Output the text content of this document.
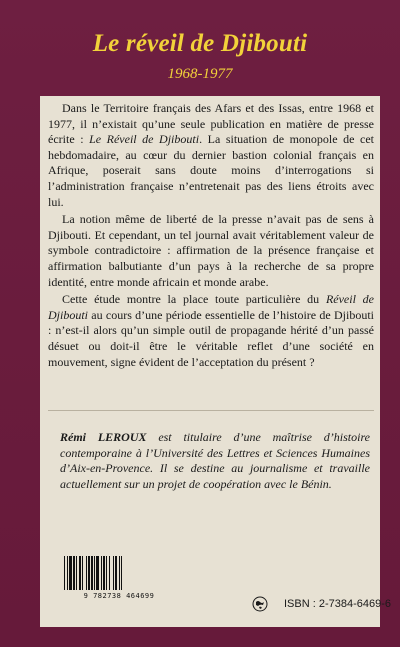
Le réveil de Djibouti
1968-1977

Dans le Territoire français des Afars et des Issas, entre 1968 et 1977, il n’existait qu’une seule publication en matière de presse écrite : Le Réveil de Djibouti. La situation de monopole de cet hebdomadaire, au cœur du dernier bastion colonial français en Afrique, poserait sans doute moins d’interrogations si l’administration française n’entretenait pas des liens étroits avec lui.

La notion même de liberté de la presse n’avait pas de sens à Djibouti. Et cependant, un tel journal avait véritablement valeur de symbole contradictoire : affirmation de la présence française et affirmation balbutiante d’un pays à la recherche de sa propre identité, entre monde africain et monde arabe.

Cette étude montre la place toute particulière du Réveil de Djibouti au cours d’une période essentielle de l’histoire de Djibouti : n’est-il alors qu’un simple outil de propagande hérité d’un passé désuet ou doit-il être le véritable reflet d’une société en mouvement, signe évident de l’acceptation du présent ?

Rémi LEROUX est titulaire d’une maîtrise d’histoire contemporaine à l’Université des Lettres et Sciences Humaines d’Aix-en-Provence. Il se destine au journalisme et travaille actuellement sur un projet de coopération avec le Bénin.

9 782738 464699
ISBN : 2-7384-6469-6
